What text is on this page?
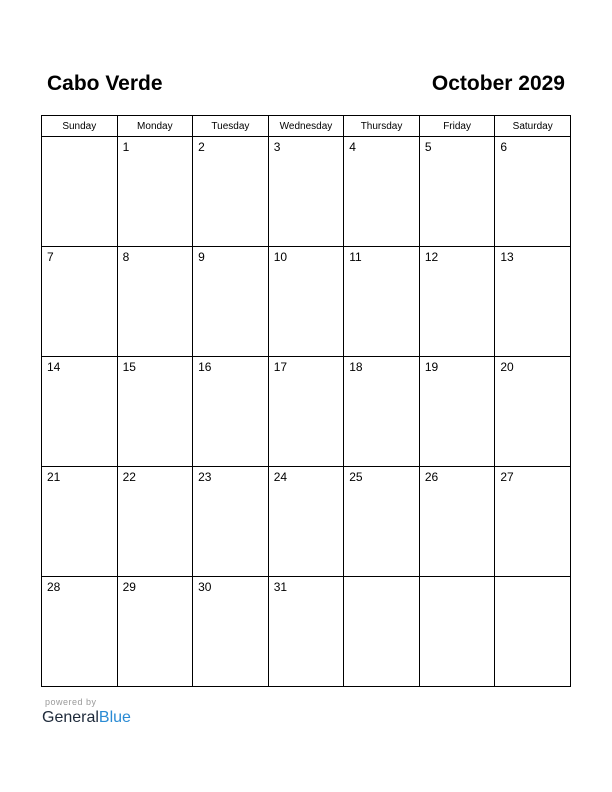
Cabo Verde	October 2029
Sunday	Monday	Tuesday	Wednesday	Thursday	Friday	Saturday

	1	2	3	4	5	6

7	8	9	10	11	12	13

14	15	16	17	18	19	20

21	22	23	24	25	26	27

28	29	30	31			

powered by
GeneralBlue
